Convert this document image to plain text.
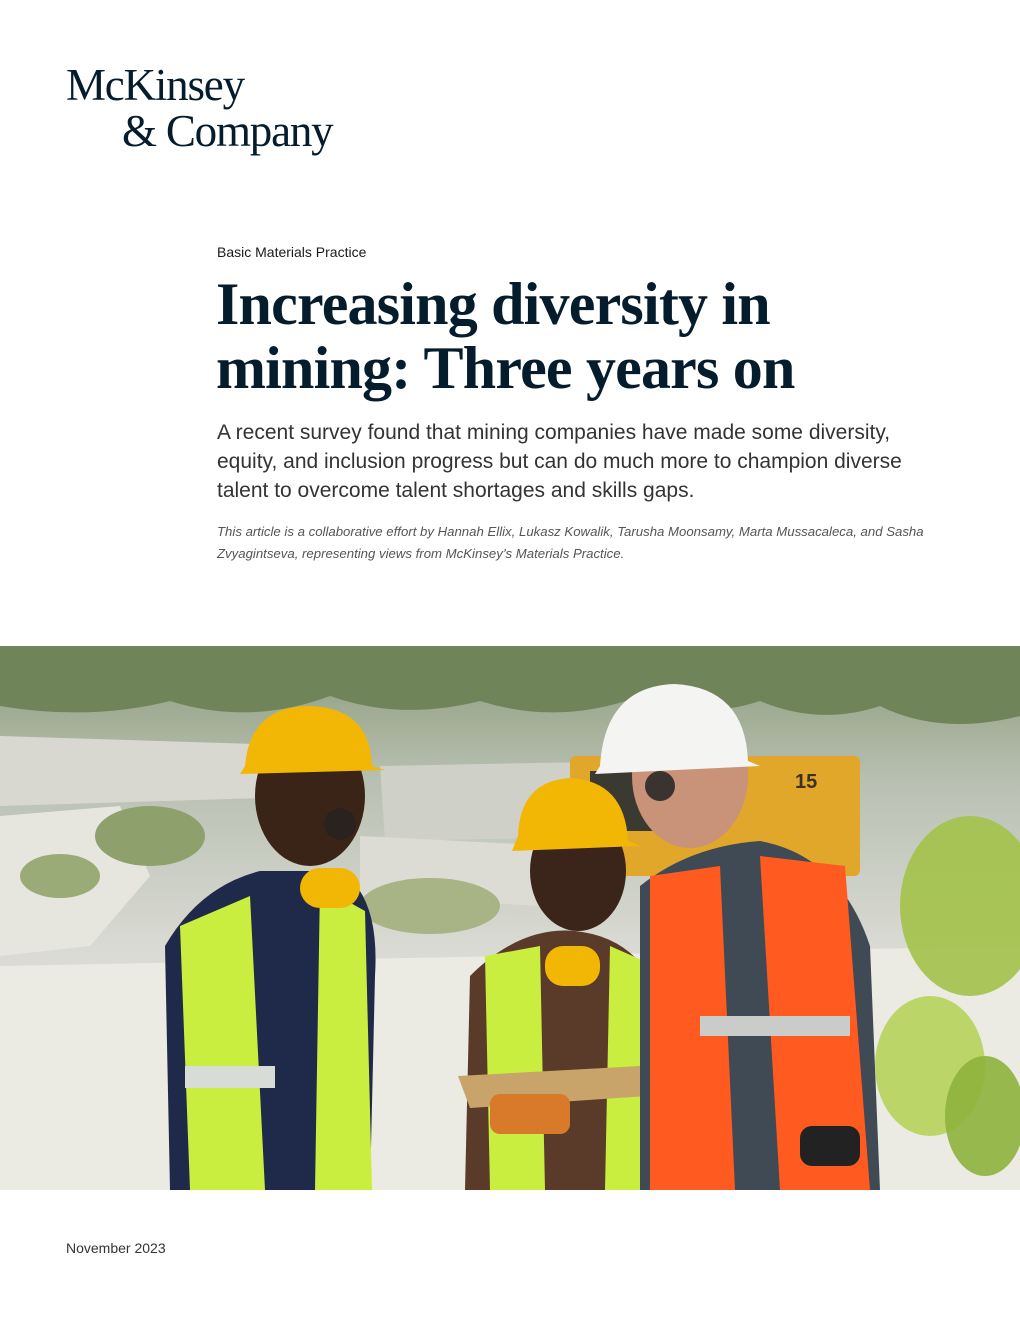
McKinsey
& Company
Basic Materials Practice
Increasing diversity in mining: Three years on

A recent survey found that mining companies have made some diversity, equity, and inclusion progress but can do much more to champion diverse talent to overcome talent shortages and skills gaps.

This article is a collaborative effort by Hannah Ellix, Lukasz Kowalik, Tarusha Moonsamy, Marta Mussacaleca, and Sasha Zvyagintseva, representing views from McKinsey’s Materials Practice.

15
November 2023
